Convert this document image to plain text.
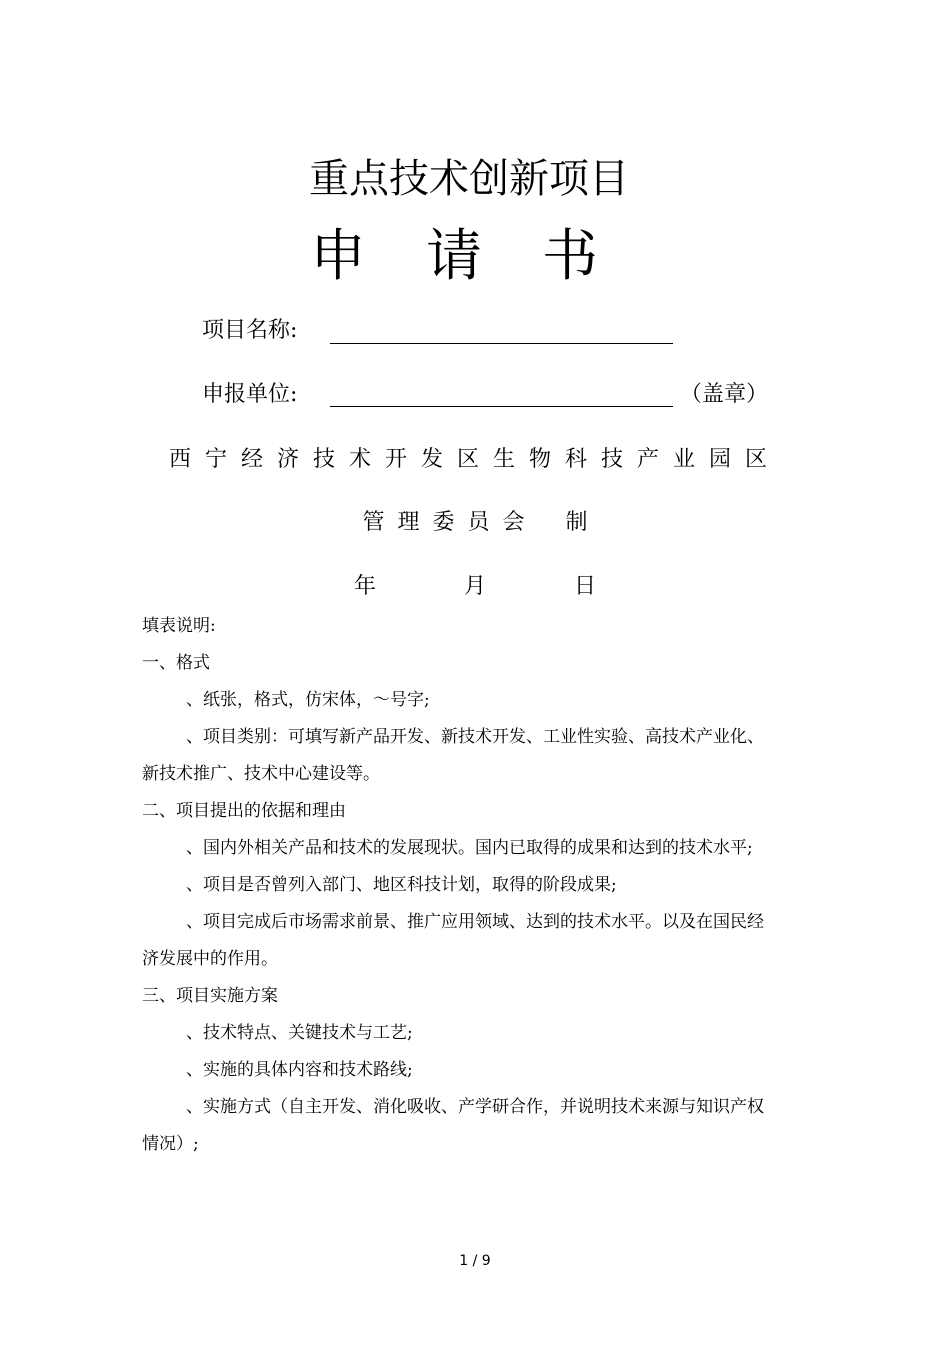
重点技术创新项目
申请书
项目名称:
申报单位:	（盖章）
西宁经济技术开发区生物科技产业园区
管理委员会 制
年	月	日

填表说明:

一、格式

、纸张，格式，仿宋体，～号字;

、项目类别：可填写新产品开发、新技术开发、工业性实验、高技术产业化、新技术推广、技术中心建设等。

二、项目提出的依据和理由

、国内外相关产品和技术的发展现状。国内已取得的成果和达到的技术水平;

、项目是否曾列入部门、地区科技计划，取得的阶段成果;

、项目完成后市场需求前景、推广应用领域、达到的技术水平。以及在国民经济发展中的作用。

三、项目实施方案

、技术特点、关键技术与工艺;

、实施的具体内容和技术路线;

、实施方式（自主开发、消化吸收、产学研合作，并说明技术来源与知识产权情况）;

1 / 9
